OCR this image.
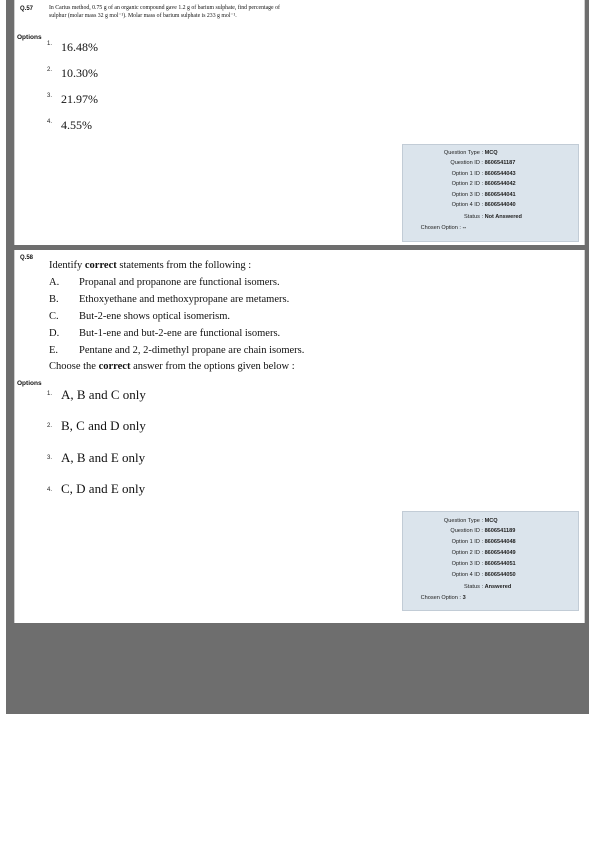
Q.57	In Carius method, 0.75 g of an organic compound gave 1.2 g of barium sulphate, find percentage of
sulphur (molar mass 32 g mol⁻¹). Molar mass of barium sulphate is 233 g mol⁻¹.
Options
1. 16.48%
2. 10.30%
3. 21.97%
4. 4.55%
Question Type : MCQ
Question ID : 8606541187
Option 1 ID : 8606544043
Option 2 ID : 8606544042
Option 3 ID : 8606544041
Option 4 ID : 8606544040
Status : Not Answered
Chosen Option : --
Q.58
Identify correct statements from the following :
A. Propanal and propanone are functional isomers.
B. Ethoxyethane and methoxypropane are metamers.
C. But-2-ene shows optical isomerism.
D. But-1-ene and but-2-ene are functional isomers.
E. Pentane and 2, 2-dimethyl propane are chain isomers.
Choose the correct answer from the options given below :
Options
1. A, B and C only
2. B, C and D only
3. A, B and E only
4. C, D and E only
Question Type : MCQ
Question ID : 8606541189
Option 1 ID : 8606544048
Option 2 ID : 8606544049
Option 3 ID : 8606544051
Option 4 ID : 8606544050
Status : Answered
Chosen Option : 3
